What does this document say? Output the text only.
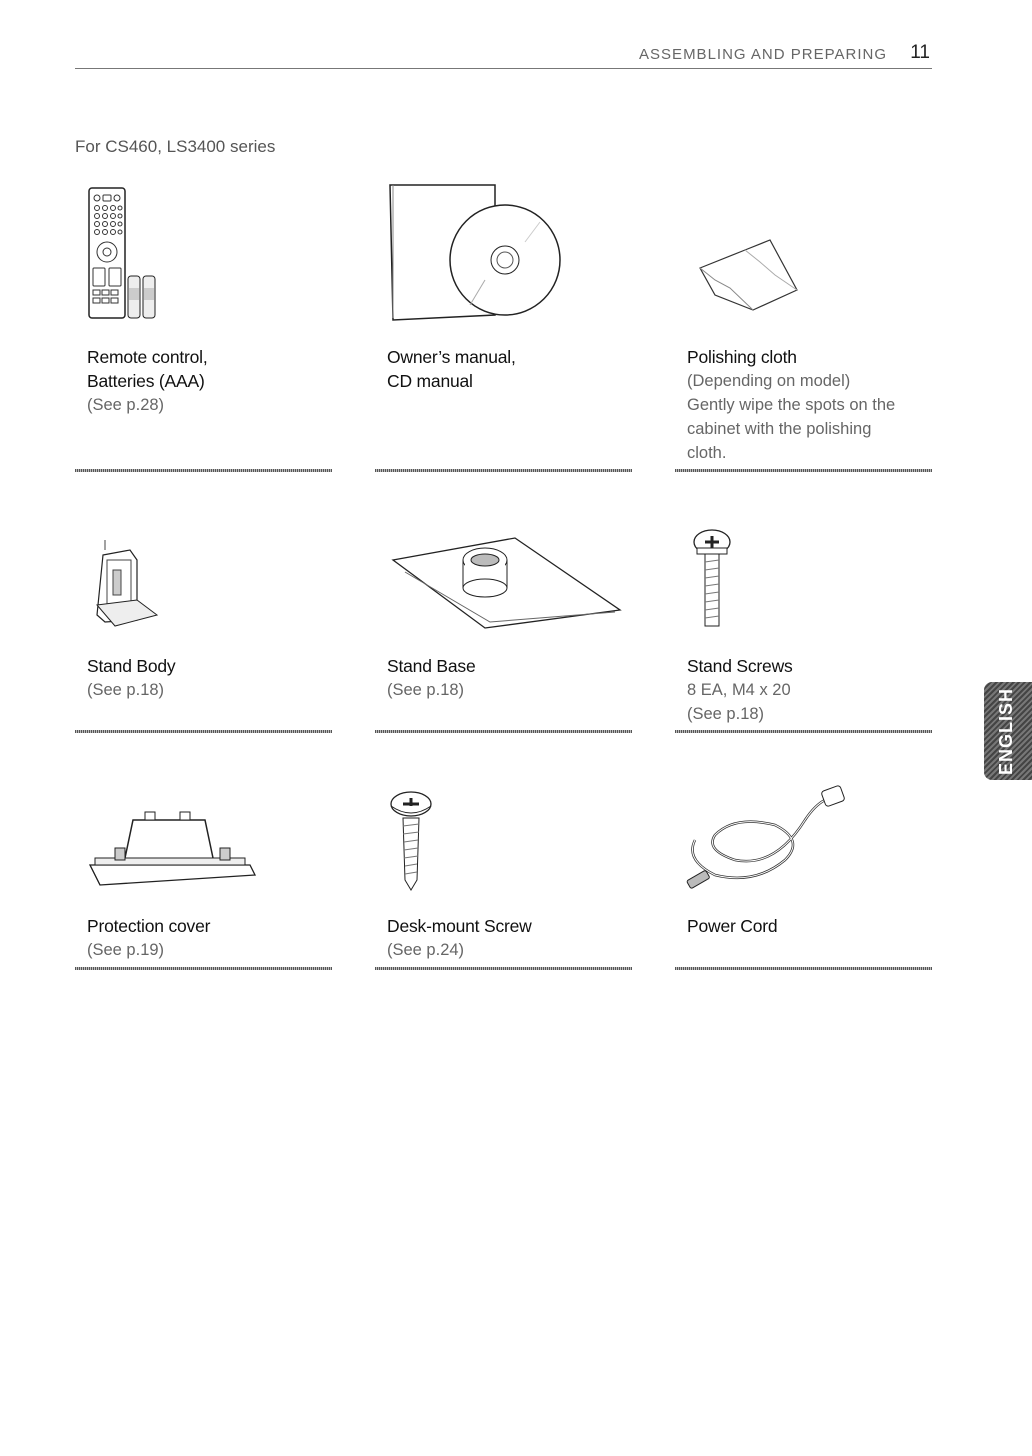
ASSEMBLING AND PREPARING 11
For CS460, LS3400 series
Remote control,
Batteries (AAA)
(See p.28)
Owner’s manual,
CD manual
Polishing cloth
(Depending on model)
Gently wipe the spots on the
cabinet with the polishing
cloth.
Stand Body
(See p.18)
Stand Base
(See p.18)
Stand Screws
8 EA, M4 x 20
(See p.18)
Protection cover
(See p.19)
Desk-mount Screw
(See p.24)
Power Cord
ENGLISH
